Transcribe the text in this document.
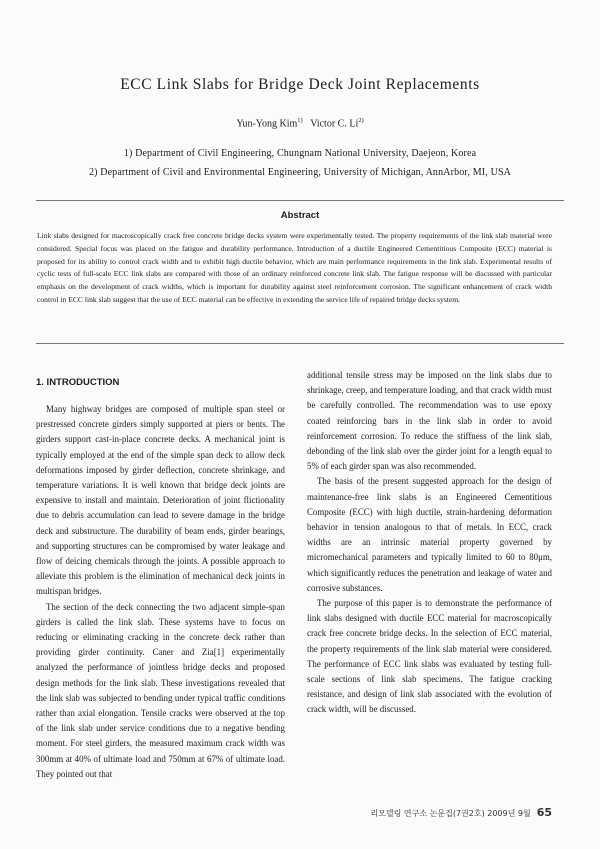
ECC Link Slabs for Bridge Deck Joint Replacements
Yun-Yong Kim$^{1)}$ Victor C. Li$^{2)}$
1) Department of Civil Engineering, Chungnam National University, Daejeon, Korea
2) Department of Civil and Environmental Engineering, University of Michigan, AnnArbor, MI, USA
Abstract
Link slabs designed for macroscopically crack free concrete bridge decks system were experimentally tested. The property requirements of the link slab material were considered. Special focus was placed on the fatigue and durability performance. Introduction of a ductile Engineered Cementitious Composite (ECC) material is proposed for its ability to control crack width and to exhibit high ductile behavior, which are main performance requirements in the link slab. Experimental results of cyclic tests of full-scale ECC link slabs are compared with those of an ordinary reinforced concrete link slab. The fatigue response will be discussed with particular emphasis on the development of crack widths, which is important for durability against steel reinforcement corrosion. The significant enhancement of crack width control in ECC link slab suggest that the use of ECC material can be effective in extending the service life of repaired bridge decks system.
1. INTRODUCTION

Many highway bridges are composed of multiple span steel or prestressed concrete girders simply supported at piers or bents. The girders support cast-in-place concrete decks. A mechanical joint is typically employed at the end of the simple span deck to allow deck deformations imposed by girder deflection, concrete shrinkage, and temperature variations. It is well known that bridge deck joints are expensive to install and maintain. Deterioration of joint flictionality due to debris accumulation can lead to severe damage in the bridge deck and substructure. The durability of beam ends, girder bearings, and supporting structures can be compromised by water leakage and flow of deicing chemicals through the joints. A possible approach to alleviate this problem is the elimination of mechanical deck joints in multispan bridges.

The section of the deck connecting the two adjacent simple-span girders is called the link slab. These systems have to focus on reducing or eliminating cracking in the concrete deck rather than providing girder continuity. Caner and Zia[1] experimentally analyzed the performance of jointless bridge decks and proposed design methods for the link slab. These investigations revealed that the link slab was subjected to bending under typical traffic conditions rather than axial elongation. Tensile cracks were observed at the top of the link slab under service conditions due to a negative bending moment. For steel girders, the measured maximum crack width was 300mm at 40% of ultimate load and 750mm at 67% of ultimate load. They pointed out that

additional tensile stress may be imposed on the link slabs due to shrinkage, creep, and temperature loading, and that crack width must be carefully controlled. The recommendation was to use epoxy coated reinforcing bars in the link slab in order to avoid reinforcement corrosion. To reduce the stiffness of the link slab, debonding of the link slab over the girder joint for a length equal to 5% of each girder span was also recommended.

The basis of the present suggested approach for the design of maintenance-free link slabs is an Engineered Cementitious Composite (ECC) with high ductile, strain-hardening deformation behavior in tension analogous to that of metals. In ECC, crack widths are an intrinsic material property governed by micromechanical parameters and typically limited to 60 to 80μm, which significantly reduces the penetration and leakage of water and corrosive substances.

The purpose of this paper is to demonstrate the performance of link slabs designed with ductile ECC material for macroscopically crack free concrete bridge decks. In the selection of ECC material, the property requirements of the link slab material were considered. The performance of ECC link slabs was evaluated by testing full-scale sections of link slab specimens. The fatigue cracking resistance, and design of link slab associated with the evolution of crack width, will be discussed.

리모델링 연구소 논문집(7권2호) 2009년 9월 65
